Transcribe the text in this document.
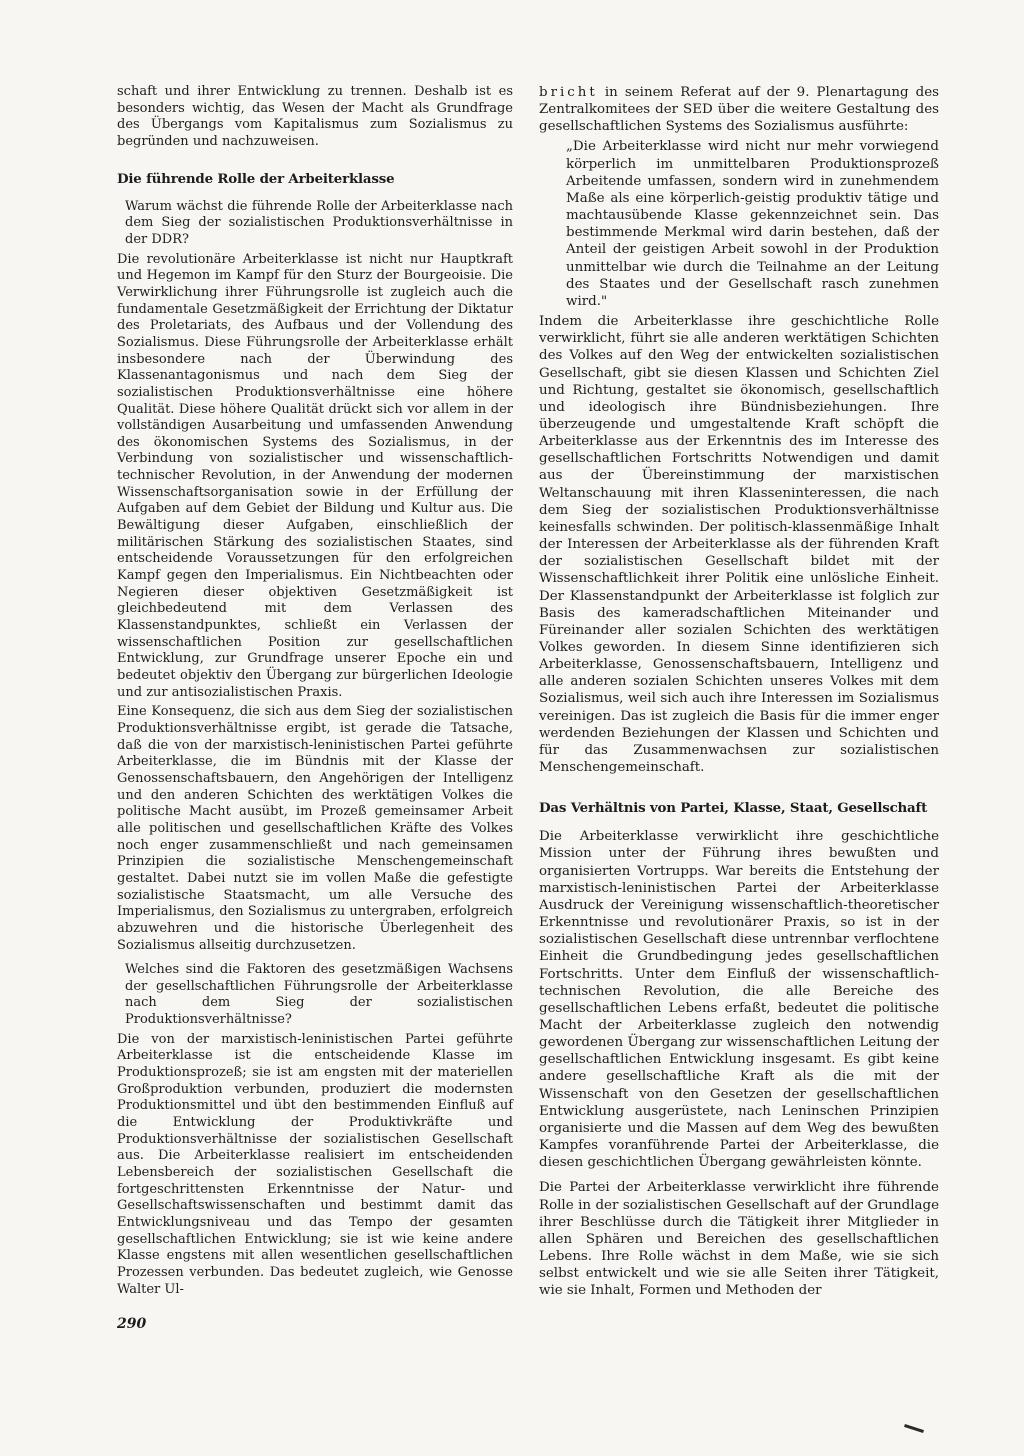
schaft und ihrer Entwicklung zu trennen. Deshalb ist es besonders wichtig, das Wesen der Macht als Grundfrage des Übergangs vom Kapitalismus zum Sozialismus zu begründen und nachzuweisen.

Die führende Rolle der Arbeiterklasse

Warum wächst die führende Rolle der Arbeiterklasse nach dem Sieg der sozialistischen Produktionsverhältnisse in der DDR?

Die revolutionäre Arbeiterklasse ist nicht nur Hauptkraft und Hegemon im Kampf für den Sturz der Bourgeoisie. Die Verwirklichung ihrer Führungsrolle ist zugleich auch die fundamentale Gesetzmäßigkeit der Errichtung der Diktatur des Proletariats, des Aufbaus und der Vollendung des Sozialismus. Diese Führungsrolle der Arbeiterklasse erhält insbesondere nach der Überwindung des Klassenantagonismus und nach dem Sieg der sozialistischen Produktionsverhältnisse eine höhere Qualität. Diese höhere Qualität drückt sich vor allem in der vollständigen Ausarbeitung und umfassenden Anwendung des ökonomischen Systems des Sozialismus, in der Verbindung von sozialistischer und wissenschaftlich-technischer Revolution, in der Anwendung der modernen Wissenschaftsorganisation sowie in der Erfüllung der Aufgaben auf dem Gebiet der Bildung und Kultur aus. Die Bewältigung dieser Aufgaben, einschließlich der militärischen Stärkung des sozialistischen Staates, sind entscheidende Voraussetzungen für den erfolgreichen Kampf gegen den Imperialismus. Ein Nichtbeachten oder Negieren dieser objektiven Gesetzmäßigkeit ist gleichbedeutend mit dem Verlassen des Klassenstandpunktes, schließt ein Verlassen der wissenschaftlichen Position zur gesellschaftlichen Entwicklung, zur Grundfrage unserer Epoche ein und bedeutet objektiv den Übergang zur bürgerlichen Ideologie und zur antisozialistischen Praxis.

Eine Konsequenz, die sich aus dem Sieg der sozialistischen Produktionsverhältnisse ergibt, ist gerade die Tatsache, daß die von der marxistisch-leninistischen Partei geführte Arbeiterklasse, die im Bündnis mit der Klasse der Genossenschaftsbauern, den Angehörigen der Intelligenz und den anderen Schichten des werktätigen Volkes die politische Macht ausübt, im Prozeß gemeinsamer Arbeit alle politischen und gesellschaftlichen Kräfte des Volkes noch enger zusammenschließt und nach gemeinsamen Prinzipien die sozialistische Menschengemeinschaft gestaltet. Dabei nutzt sie im vollen Maße die gefestigte sozialistische Staatsmacht, um alle Versuche des Imperialismus, den Sozialismus zu untergraben, erfolgreich abzuwehren und die historische Überlegenheit des Sozialismus allseitig durchzusetzen.

Welches sind die Faktoren des gesetzmäßigen Wachsens der gesellschaftlichen Führungsrolle der Arbeiterklasse nach dem Sieg der sozialistischen Produktionsverhältnisse?

Die von der marxistisch-leninistischen Partei geführte Arbeiterklasse ist die entscheidende Klasse im Produktionsprozeß; sie ist am engsten mit der materiellen Großproduktion verbunden, produziert die modernsten Produktionsmittel und übt den bestimmenden Einfluß auf die Entwicklung der Produktivkräfte und Produktionsverhältnisse der sozialistischen Gesellschaft aus. Die Arbeiterklasse realisiert im entscheidenden Lebensbereich der sozialistischen Gesellschaft die fortgeschrittensten Erkenntnisse der Natur- und Gesellschaftswissenschaften und bestimmt damit das Entwicklungsniveau und das Tempo der gesamten gesellschaftlichen Entwicklung; sie ist wie keine andere Klasse engstens mit allen wesentlichen gesellschaftlichen Prozessen verbunden. Das bedeutet zugleich, wie Genosse Walter Ul-

bricht in seinem Referat auf der 9. Plenartagung des Zentralkomitees der SED über die weitere Gestaltung des gesellschaftlichen Systems des Sozialismus ausführte:

„Die Arbeiterklasse wird nicht nur mehr vorwiegend körperlich im unmittelbaren Produktionsprozeß Arbeitende umfassen, sondern wird in zunehmendem Maße als eine körperlich-geistig produktiv tätige und machtausübende Klasse gekennzeichnet sein. Das bestimmende Merkmal wird darin bestehen, daß der Anteil der geistigen Arbeit sowohl in der Produktion unmittelbar wie durch die Teilnahme an der Leitung des Staates und der Gesellschaft rasch zunehmen wird."

Indem die Arbeiterklasse ihre geschichtliche Rolle verwirklicht, führt sie alle anderen werktätigen Schichten des Volkes auf den Weg der entwickelten sozialistischen Gesellschaft, gibt sie diesen Klassen und Schichten Ziel und Richtung, gestaltet sie ökonomisch, gesellschaftlich und ideologisch ihre Bündnisbeziehungen. Ihre überzeugende und umgestaltende Kraft schöpft die Arbeiterklasse aus der Erkenntnis des im Interesse des gesellschaftlichen Fortschritts Notwendigen und damit aus der Übereinstimmung der marxistischen Weltanschauung mit ihren Klasseninteressen, die nach dem Sieg der sozialistischen Produktionsverhältnisse keinesfalls schwinden. Der politisch-klassenmäßige Inhalt der Interessen der Arbeiterklasse als der führenden Kraft der sozialistischen Gesellschaft bildet mit der Wissenschaftlichkeit ihrer Politik eine unlösliche Einheit. Der Klassenstandpunkt der Arbeiterklasse ist folglich zur Basis des kameradschaftlichen Miteinander und Füreinander aller sozialen Schichten des werktätigen Volkes geworden. In diesem Sinne identifizieren sich Arbeiterklasse, Genossenschaftsbauern, Intelligenz und alle anderen sozialen Schichten unseres Volkes mit dem Sozialismus, weil sich auch ihre Interessen im Sozialismus vereinigen. Das ist zugleich die Basis für die immer enger werdenden Beziehungen der Klassen und Schichten und für das Zusammenwachsen zur sozialistischen Menschengemeinschaft.

Das Verhältnis von Partei, Klasse, Staat, Gesellschaft

Die Arbeiterklasse verwirklicht ihre geschichtliche Mission unter der Führung ihres bewußten und organisierten Vortrupps. War bereits die Entstehung der marxistisch-leninistischen Partei der Arbeiterklasse Ausdruck der Vereinigung wissenschaftlich-theoretischer Erkenntnisse und revolutionärer Praxis, so ist in der sozialistischen Gesellschaft diese untrennbar verflochtene Einheit die Grundbedingung jedes gesellschaftlichen Fortschritts. Unter dem Einfluß der wissenschaftlich-technischen Revolution, die alle Bereiche des gesellschaftlichen Lebens erfaßt, bedeutet die politische Macht der Arbeiterklasse zugleich den notwendig gewordenen Übergang zur wissenschaftlichen Leitung der gesellschaftlichen Entwicklung insgesamt. Es gibt keine andere gesellschaftliche Kraft als die mit der Wissenschaft von den Gesetzen der gesellschaftlichen Entwicklung ausgerüstete, nach Leninschen Prinzipien organisierte und die Massen auf dem Weg des bewußten Kampfes voranführende Partei der Arbeiterklasse, die diesen geschichtlichen Übergang gewährleisten könnte.

Die Partei der Arbeiterklasse verwirklicht ihre führende Rolle in der sozialistischen Gesellschaft auf der Grundlage ihrer Beschlüsse durch die Tätigkeit ihrer Mitglieder in allen Sphären und Bereichen des gesellschaftlichen Lebens. Ihre Rolle wächst in dem Maße, wie sie sich selbst entwickelt und wie sie alle Seiten ihrer Tätigkeit, wie sie Inhalt, Formen und Methoden der

290
